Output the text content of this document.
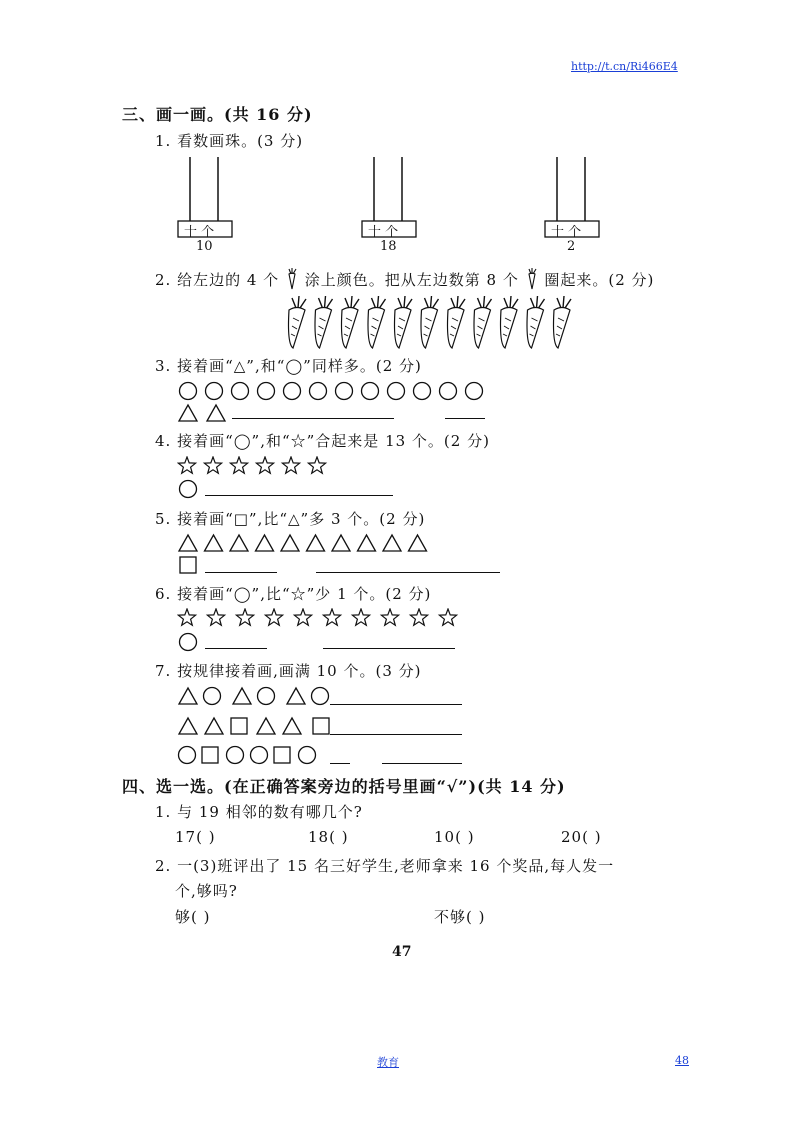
http://t.cn/Ri466E4
三、画一画。(共 16 分)
1. 看数画珠。(3 分)
十 个
10
十 个
18
十 个
2
2. 给左边的 4 个 涂上颜色。把从左边数第 8 个 圈起来。(2 分)
3. 接着画“△”,和“◯”同样多。(2 分)
4. 接着画“◯”,和“☆”合起来是 13 个。(2 分)
5. 接着画“□”,比“△”多 3 个。(2 分)
6. 接着画“◯”,比“☆”少 1 个。(2 分)
7. 按规律接着画,画满 10 个。(3 分)
四、选一选。(在正确答案旁边的括号里画“√”)(共 14 分)
1. 与 19 相邻的数有哪几个?
17( )	18( )	10( )	20( )
2. 一(3)班评出了 15 名三好学生,老师拿来 16 个奖品,每人发一
个,够吗?
够( )	不够( )
47
教育	48
